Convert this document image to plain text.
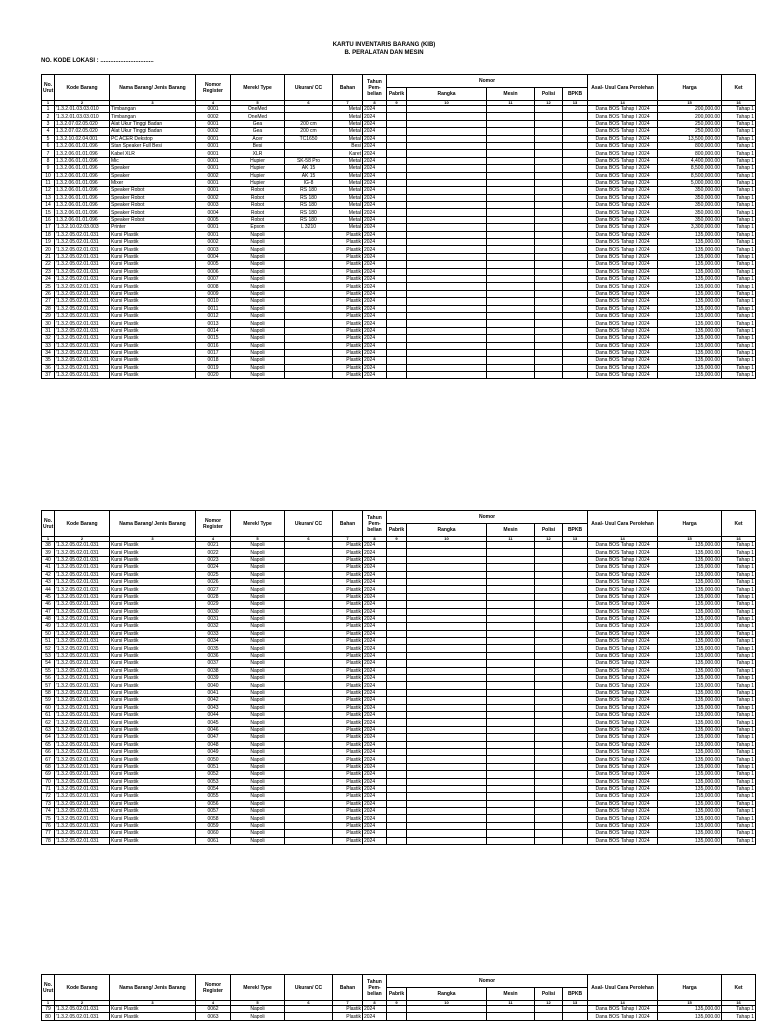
KARTU INVENTARIS BARANG (KIB)
B. PERALATAN DAN MESIN
NO. KODE LOKASI : ................................
No. Urut	Kode Barang	Nama Barang/ Jenis Barang	Nomor Register	Merek/ Type	Ukuran/ CC	Bahan	Tahun Pem-belian	Nomor					Asal- Usul Cara Perolehan	Harga	Ket
								Pabrik	Rangka	Mesin	Polisi	BPKB			
1	2	3	4	5	6	7	8	9	10	11	12	13	14	15	16
1	'1.3.2.01.03.03.010	Timbangan	0001	OneMed		Metal	2024						Dana BOS Tahap I 2024	200,000.00	Tahap 1
2	'1.3.2.01.03.03.010	Timbangan	0002	OneMed		Metal	2024						Dana BOS Tahap I 2024	200,000.00	Tahap 1
3	1.3.2.07.02.05.020	Alat Ukur Tinggi Badan	0001	Gea	200 cm	Metal	2024						Dana BOS Tahap I 2024	250,000.00	Tahap 1
4	1.3.2.07.02.05.020	Alat Ukur Tinggi Badan	0002	Gea	200 cm	Metal	2024						Dana BOS Tahap I 2024	250,000.00	Tahap 1
5	1.3.2.10.02.04.001	PC ACER Dekstop	0001	Acer	TC1650	Metal	2024						Dana BOS Tahap I 2024	13,500,000.00	Tahap 1
6	1.3.2.06.01.01.096	Stan Speaker Full Besi	0001	Besi		Besi	2024						Dana BOS Tahap I 2024	800,000.00	Tahap 1
7	1.3.2.06.01.01.096	Kabel XLR	0001	XLR		Karet	2024						Dana BOS Tahap I 2024	800,000.00	Tahap 1
8	1.3.2.06.01.01.096	Mic	0001	Hupier	SK-58 Pro	Metal	2024						Dana BOS Tahap I 2024	4,400,000.00	Tahap 1
9	1.3.2.06.01.01.096	Speaker	0001	Hupier	AK 15	Metal	2024						Dana BOS Tahap I 2024	8,500,000.00	Tahap 1
10	1.3.2.06.01.01.096	Speaker	0002	Hupier	AK 15	Metal	2024						Dana BOS Tahap I 2024	8,500,000.00	Tahap 1
11	1.3.2.06.01.01.096	Mixer	0001	Hupier	IG-8	Metal	2024						Dana BOS Tahap I 2024	5,000,000.00	Tahap 1
12	1.3.2.06.01.01.096	Speaker Robot	0001	Robot	RS 180	Metal	2024						Dana BOS Tahap I 2024	350,000.00	Tahap 1
13	1.3.2.06.01.01.096	Speaker Robot	0002	Robot	RS 180	Metal	2024						Dana BOS Tahap I 2024	350,000.00	Tahap 1
14	1.3.2.06.01.01.096	Speaker Robot	0003	Robot	RS 180	Metal	2024						Dana BOS Tahap I 2024	350,000.00	Tahap 1
15	1.3.2.06.01.01.096	Speaker Robot	0004	Robot	RS 180	Metal	2024						Dana BOS Tahap I 2024	350,000.00	Tahap 1
16	1.3.2.06.01.01.096	Speaker Robot	0005	Robot	RS 180	Metal	2024						Dana BOS Tahap I 2024	350,000.00	Tahap 1
17	'1.3.2.10.02.03.003	Printer	0001	Epson	L 3210	Metal	2024						Dana BOS Tahap I 2024	3,300,000.00	Tahap 1
18	'1.3.2.05.02.01.031	Kursi Plastik	0001	Napoli		Plastik	2024						Dana BOS Tahap I 2024	135,000.00	Tahap 1
19	'1.3.2.05.02.01.031	Kursi Plastik	0002	Napoli		Plastik	2024						Dana BOS Tahap I 2024	135,000.00	Tahap 1
20	'1.3.2.05.02.01.031	Kursi Plastik	0003	Napoli		Plastik	2024						Dana BOS Tahap I 2024	135,000.00	Tahap 1
21	'1.3.2.05.02.01.031	Kursi Plastik	0004	Napoli		Plastik	2024						Dana BOS Tahap I 2024	135,000.00	Tahap 1
22	'1.3.2.05.02.01.031	Kursi Plastik	0005	Napoli		Plastik	2024						Dana BOS Tahap I 2024	135,000.00	Tahap 1
23	'1.3.2.05.02.01.031	Kursi Plastik	0006	Napoli		Plastik	2024						Dana BOS Tahap I 2024	135,000.00	Tahap 1
24	'1.3.2.05.02.01.031	Kursi Plastik	0007	Napoli		Plastik	2024						Dana BOS Tahap I 2024	135,000.00	Tahap 1
25	'1.3.2.05.02.01.031	Kursi Plastik	0008	Napoli		Plastik	2024						Dana BOS Tahap I 2024	135,000.00	Tahap 1
26	'1.3.2.05.02.01.031	Kursi Plastik	0009	Napoli		Plastik	2024						Dana BOS Tahap I 2024	135,000.00	Tahap 1
27	'1.3.2.05.02.01.031	Kursi Plastik	0010	Napoli		Plastik	2024						Dana BOS Tahap I 2024	135,000.00	Tahap 1
28	'1.3.2.05.02.01.031	Kursi Plastik	0011	Napoli		Plastik	2024						Dana BOS Tahap I 2024	135,000.00	Tahap 1
29	'1.3.2.05.02.01.031	Kursi Plastik	0012	Napoli		Plastik	2024						Dana BOS Tahap I 2024	135,000.00	Tahap 1
30	'1.3.2.05.02.01.031	Kursi Plastik	0013	Napoli		Plastik	2024						Dana BOS Tahap I 2024	135,000.00	Tahap 1
31	'1.3.2.05.02.01.031	Kursi Plastik	0014	Napoli		Plastik	2024						Dana BOS Tahap I 2024	135,000.00	Tahap 1
32	'1.3.2.05.02.01.031	Kursi Plastik	0015	Napoli		Plastik	2024						Dana BOS Tahap I 2024	135,000.00	Tahap 1
33	'1.3.2.05.02.01.031	Kursi Plastik	0016	Napoli		Plastik	2024						Dana BOS Tahap I 2024	135,000.00	Tahap 1
34	'1.3.2.05.02.01.031	Kursi Plastik	0017	Napoli		Plastik	2024						Dana BOS Tahap I 2024	135,000.00	Tahap 1
35	'1.3.2.05.02.01.031	Kursi Plastik	0018	Napoli		Plastik	2024						Dana BOS Tahap I 2024	135,000.00	Tahap 1
36	'1.3.2.05.02.01.031	Kursi Plastik	0019	Napoli		Plastik	2024						Dana BOS Tahap I 2024	135,000.00	Tahap 1
37	'1.3.2.05.02.01.031	Kursi Plastik	0020	Napoli		Plastik	2024						Dana BOS Tahap I 2024	135,000.00	Tahap 1
No. Urut	Kode Barang	Nama Barang/ Jenis Barang	Nomor Register	Merek/ Type	Ukuran/ CC	Bahan	Tahun Pem-belian	Nomor					Asal- Usul Cara Perolehan	Harga	Ket
								Pabrik	Rangka	Mesin	Polisi	BPKB			
1	2	3	4	5	6	7	8	9	10	11	12	13	14	15	16
38	'1.3.2.05.02.01.031	Kursi Plastik	0021	Napoli		Plastik	2024						Dana BOS Tahap I 2024	135,000.00	Tahap 1
39	'1.3.2.05.02.01.031	Kursi Plastik	0022	Napoli		Plastik	2024						Dana BOS Tahap I 2024	135,000.00	Tahap 1
40	'1.3.2.05.02.01.031	Kursi Plastik	0023	Napoli		Plastik	2024						Dana BOS Tahap I 2024	135,000.00	Tahap 1
41	'1.3.2.05.02.01.031	Kursi Plastik	0024	Napoli		Plastik	2024						Dana BOS Tahap I 2024	135,000.00	Tahap 1
42	'1.3.2.05.02.01.031	Kursi Plastik	0025	Napoli		Plastik	2024						Dana BOS Tahap I 2024	135,000.00	Tahap 1
43	'1.3.2.05.02.01.031	Kursi Plastik	0026	Napoli		Plastik	2024						Dana BOS Tahap I 2024	135,000.00	Tahap 1
44	'1.3.2.05.02.01.031	Kursi Plastik	0027	Napoli		Plastik	2024						Dana BOS Tahap I 2024	135,000.00	Tahap 1
45	'1.3.2.05.02.01.031	Kursi Plastik	0028	Napoli		Plastik	2024						Dana BOS Tahap I 2024	135,000.00	Tahap 1
46	'1.3.2.05.02.01.031	Kursi Plastik	0029	Napoli		Plastik	2024						Dana BOS Tahap I 2024	135,000.00	Tahap 1
47	'1.3.2.05.02.01.031	Kursi Plastik	0030	Napoli		Plastik	2024						Dana BOS Tahap I 2024	135,000.00	Tahap 1
48	'1.3.2.05.02.01.031	Kursi Plastik	0031	Napoli		Plastik	2024						Dana BOS Tahap I 2024	135,000.00	Tahap 1
49	'1.3.2.05.02.01.031	Kursi Plastik	0032	Napoli		Plastik	2024						Dana BOS Tahap I 2024	135,000.00	Tahap 1
50	'1.3.2.05.02.01.031	Kursi Plastik	0033	Napoli		Plastik	2024						Dana BOS Tahap I 2024	135,000.00	Tahap 1
51	'1.3.2.05.02.01.031	Kursi Plastik	0034	Napoli		Plastik	2024						Dana BOS Tahap I 2024	135,000.00	Tahap 1
52	'1.3.2.05.02.01.031	Kursi Plastik	0035	Napoli		Plastik	2024						Dana BOS Tahap I 2024	135,000.00	Tahap 1
53	'1.3.2.05.02.01.031	Kursi Plastik	0036	Napoli		Plastik	2024						Dana BOS Tahap I 2024	135,000.00	Tahap 1
54	'1.3.2.05.02.01.031	Kursi Plastik	0037	Napoli		Plastik	2024						Dana BOS Tahap I 2024	135,000.00	Tahap 1
55	'1.3.2.05.02.01.031	Kursi Plastik	0038	Napoli		Plastik	2024						Dana BOS Tahap I 2024	135,000.00	Tahap 1
56	'1.3.2.05.02.01.031	Kursi Plastik	0039	Napoli		Plastik	2024						Dana BOS Tahap I 2024	135,000.00	Tahap 1
57	'1.3.2.05.02.01.031	Kursi Plastik	0040	Napoli		Plastik	2024						Dana BOS Tahap I 2024	135,000.00	Tahap 1
58	'1.3.2.05.02.01.031	Kursi Plastik	0041	Napoli		Plastik	2024						Dana BOS Tahap I 2024	135,000.00	Tahap 1
59	'1.3.2.05.02.01.031	Kursi Plastik	0042	Napoli		Plastik	2024						Dana BOS Tahap I 2024	135,000.00	Tahap 1
60	'1.3.2.05.02.01.031	Kursi Plastik	0043	Napoli		Plastik	2024						Dana BOS Tahap I 2024	135,000.00	Tahap 1
61	'1.3.2.05.02.01.031	Kursi Plastik	0044	Napoli		Plastik	2024						Dana BOS Tahap I 2024	135,000.00	Tahap 1
62	'1.3.2.05.02.01.031	Kursi Plastik	0045	Napoli		Plastik	2024						Dana BOS Tahap I 2024	135,000.00	Tahap 1
63	'1.3.2.05.02.01.031	Kursi Plastik	0046	Napoli		Plastik	2024						Dana BOS Tahap I 2024	135,000.00	Tahap 1
64	'1.3.2.05.02.01.031	Kursi Plastik	0047	Napoli		Plastik	2024						Dana BOS Tahap I 2024	135,000.00	Tahap 1
65	'1.3.2.05.02.01.031	Kursi Plastik	0048	Napoli		Plastik	2024						Dana BOS Tahap I 2024	135,000.00	Tahap 1
66	'1.3.2.05.02.01.031	Kursi Plastik	0049	Napoli		Plastik	2024						Dana BOS Tahap I 2024	135,000.00	Tahap 1
67	'1.3.2.05.02.01.031	Kursi Plastik	0050	Napoli		Plastik	2024						Dana BOS Tahap I 2024	135,000.00	Tahap 1
68	'1.3.2.05.02.01.031	Kursi Plastik	0051	Napoli		Plastik	2024						Dana BOS Tahap I 2024	135,000.00	Tahap 1
69	'1.3.2.05.02.01.031	Kursi Plastik	0052	Napoli		Plastik	2024						Dana BOS Tahap I 2024	135,000.00	Tahap 1
70	'1.3.2.05.02.01.031	Kursi Plastik	0053	Napoli		Plastik	2024						Dana BOS Tahap I 2024	135,000.00	Tahap 1
71	'1.3.2.05.02.01.031	Kursi Plastik	0054	Napoli		Plastik	2024						Dana BOS Tahap I 2024	135,000.00	Tahap 1
72	'1.3.2.05.02.01.031	Kursi Plastik	0055	Napoli		Plastik	2024						Dana BOS Tahap I 2024	135,000.00	Tahap 1
73	'1.3.2.05.02.01.031	Kursi Plastik	0056	Napoli		Plastik	2024						Dana BOS Tahap I 2024	135,000.00	Tahap 1
74	'1.3.2.05.02.01.031	Kursi Plastik	0057	Napoli		Plastik	2024						Dana BOS Tahap I 2024	135,000.00	Tahap 1
75	'1.3.2.05.02.01.031	Kursi Plastik	0058	Napoli		Plastik	2024						Dana BOS Tahap I 2024	135,000.00	Tahap 1
76	'1.3.2.05.02.01.031	Kursi Plastik	0059	Napoli		Plastik	2024						Dana BOS Tahap I 2024	135,000.00	Tahap 1
77	'1.3.2.05.02.01.031	Kursi Plastik	0060	Napoli		Plastik	2024						Dana BOS Tahap I 2024	135,000.00	Tahap 1
78	'1.3.2.05.02.01.031	Kursi Plastik	0061	Napoli		Plastik	2024						Dana BOS Tahap I 2024	135,000.00	Tahap 1
No. Urut	Kode Barang	Nama Barang/ Jenis Barang	Nomor Register	Merek/ Type	Ukuran/ CC	Bahan	Tahun Pem-belian	Nomor					Asal- Usul Cara Perolehan	Harga	Ket
								Pabrik	Rangka	Mesin	Polisi	BPKB			
1	2	3	4	5	6	7	8	9	10	11	12	13	14	15	16
79	'1.3.2.05.02.01.031	Kursi Plastik	0062	Napoli		Plastik	2024						Dana BOS Tahap I 2024	135,000.00	Tahap 1
80	'1.3.2.05.02.01.031	Kursi Plastik	0063	Napoli		Plastik	2024						Dana BOS Tahap I 2024	135,000.00	Tahap 1
